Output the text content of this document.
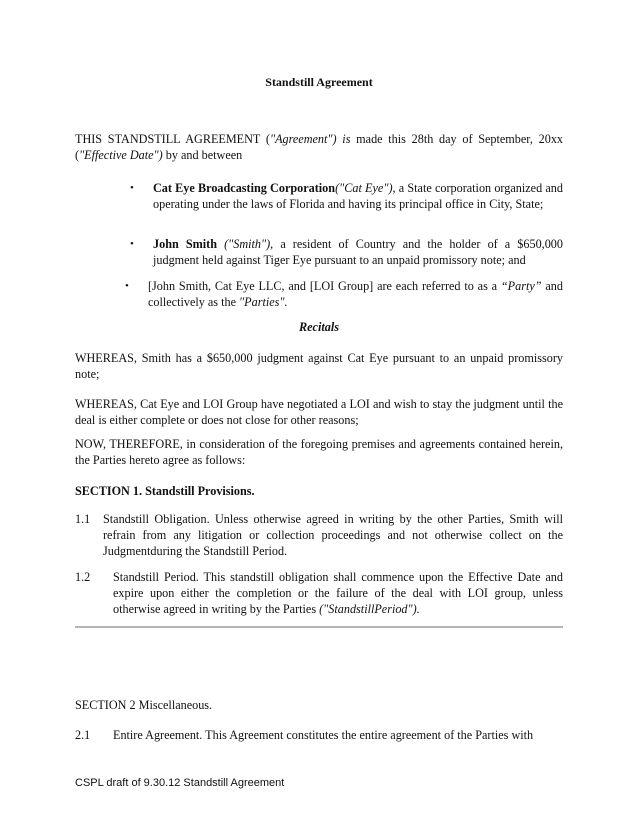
Standstill Agreement

THIS STANDSTILL AGREEMENT ("Agreement") is made this 28th day of September, 20xx ("Effective Date") by and between

•	Cat Eye Broadcasting Corporation("Cat Eye"), a State corporation organized and operating under the laws of Florida and having its principal office in City, State;

•	John Smith ("Smith"), a resident of Country and the holder of a $650,000 judgment held against Tiger Eye pursuant to an unpaid promissory note; and

•	[John Smith, Cat Eye LLC, and [LOI Group] are each referred to as a “Party” and collectively as the "Parties".

Recitals

WHEREAS, Smith has a $650,000 judgment against Cat Eye pursuant to an unpaid promissory note;

WHEREAS, Cat Eye and LOI Group have negotiated a LOI and wish to stay the judgment until the deal is either complete or does not close for other reasons;

NOW, THEREFORE, in consideration of the foregoing premises and agreements contained herein, the Parties hereto agree as follows:

SECTION 1. Standstill Provisions.

1.1 Standstill Obligation. Unless otherwise agreed in writing by the other Parties, Smith will refrain from any litigation or collection proceedings and not otherwise collect on the Judgmentduring the Standstill Period.

1.2 Standstill Period. This standstill obligation shall commence upon the Effective Date and expire upon either the completion or the failure of the deal with LOI group, unless otherwise agreed in writing by the Parties ("StandstillPeriod").

SECTION 2 Miscellaneous.

2.1 Entire Agreement. This Agreement constitutes the entire agreement of the Parties with

CSPL draft of 9.30.12 Standstill Agreement
